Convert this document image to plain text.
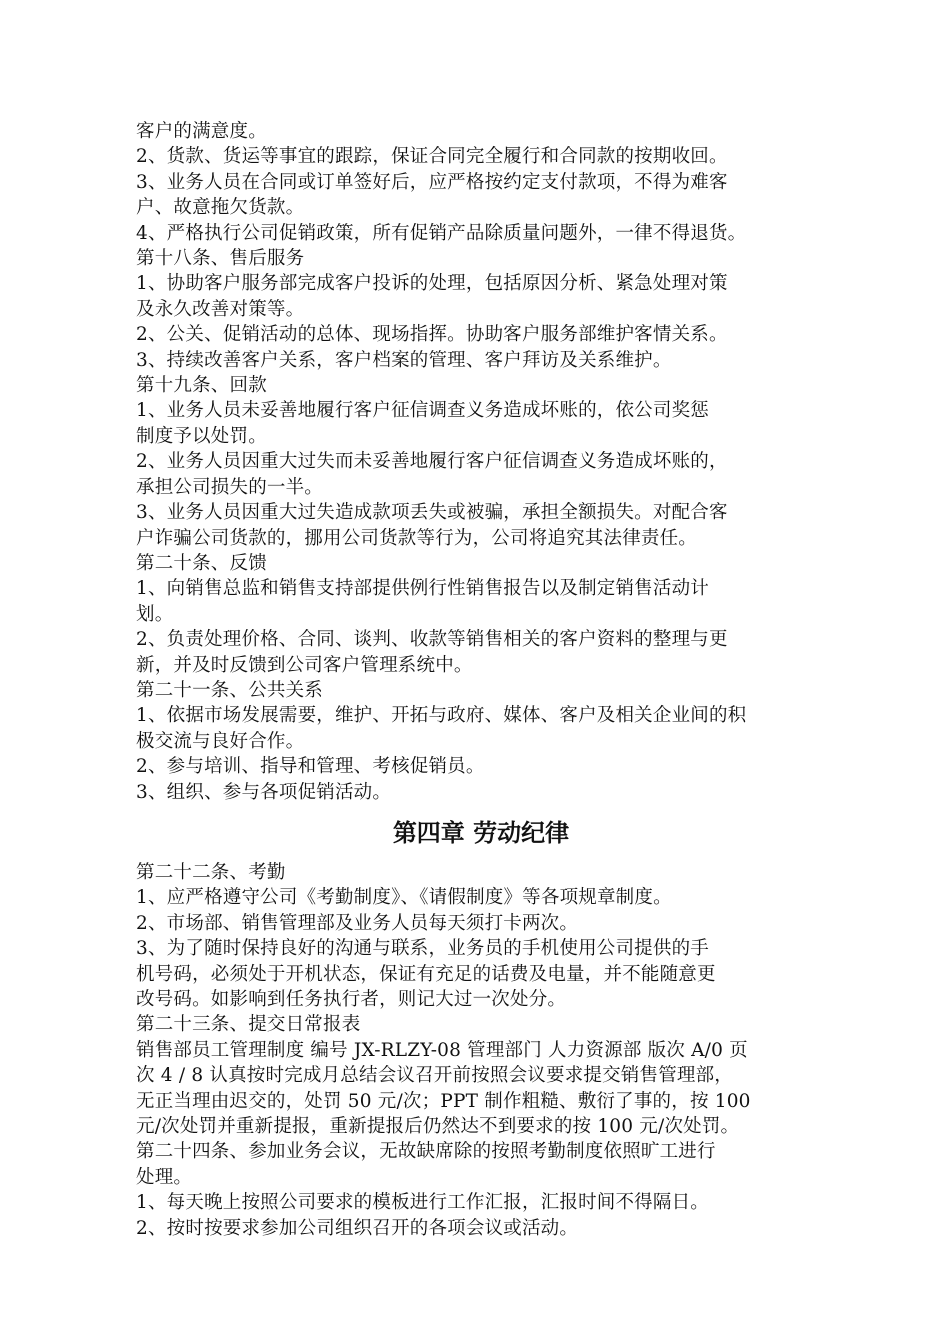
客户的满意度。
2、货款、货运等事宜的跟踪，保证合同完全履行和合同款的按期收回。
3、业务人员在合同或订单签好后，应严格按约定支付款项，不得为难客
户、故意拖欠货款。
4、严格执行公司促销政策，所有促销产品除质量问题外，一律不得退货。
第十八条、售后服务
1、协助客户服务部完成客户投诉的处理，包括原因分析、紧急处理对策
及永久改善对策等。
2、公关、促销活动的总体、现场指挥。协助客户服务部维护客情关系。
3、持续改善客户关系，客户档案的管理、客户拜访及关系维护。
第十九条、回款
1、业务人员未妥善地履行客户征信调查义务造成坏账的，依公司奖惩
制度予以处罚。
2、业务人员因重大过失而未妥善地履行客户征信调查义务造成坏账的，
承担公司损失的一半。
3、业务人员因重大过失造成款项丢失或被骗，承担全额损失。对配合客
户诈骗公司货款的，挪用公司货款等行为，公司将追究其法律责任。
第二十条、反馈
1、向销售总监和销售支持部提供例行性销售报告以及制定销售活动计
划。
2、负责处理价格、合同、谈判、收款等销售相关的客户资料的整理与更
新，并及时反馈到公司客户管理系统中。
第二十一条、公共关系
1、依据市场发展需要，维护、开拓与政府、媒体、客户及相关企业间的积
极交流与良好合作。
2、参与培训、指导和管理、考核促销员。
3、组织、参与各项促销活动。
第四章 劳动纪律
第二十二条、考勤
1、应严格遵守公司《考勤制度》、《请假制度》等各项规章制度。
2、市场部、销售管理部及业务人员每天须打卡两次。
3、为了随时保持良好的沟通与联系，业务员的手机使用公司提供的手
机号码，必须处于开机状态，保证有充足的话费及电量，并不能随意更
改号码。如影响到任务执行者，则记大过一次处分。
第二十三条、提交日常报表
销售部员工管理制度 编号 JX-RLZY-08 管理部门 人力资源部 版次 A/0 页
次 4 / 8 认真按时完成月总结会议召开前按照会议要求提交销售管理部，
无正当理由迟交的，处罚 50 元/次；PPT 制作粗糙、敷衍了事的，按 100
元/次处罚并重新提报，重新提报后仍然达不到要求的按 100 元/次处罚。
第二十四条、参加业务会议，无故缺席除的按照考勤制度依照旷工进行
处理。
1、每天晚上按照公司要求的模板进行工作汇报，汇报时间不得隔日。
2、按时按要求参加公司组织召开的各项会议或活动。
